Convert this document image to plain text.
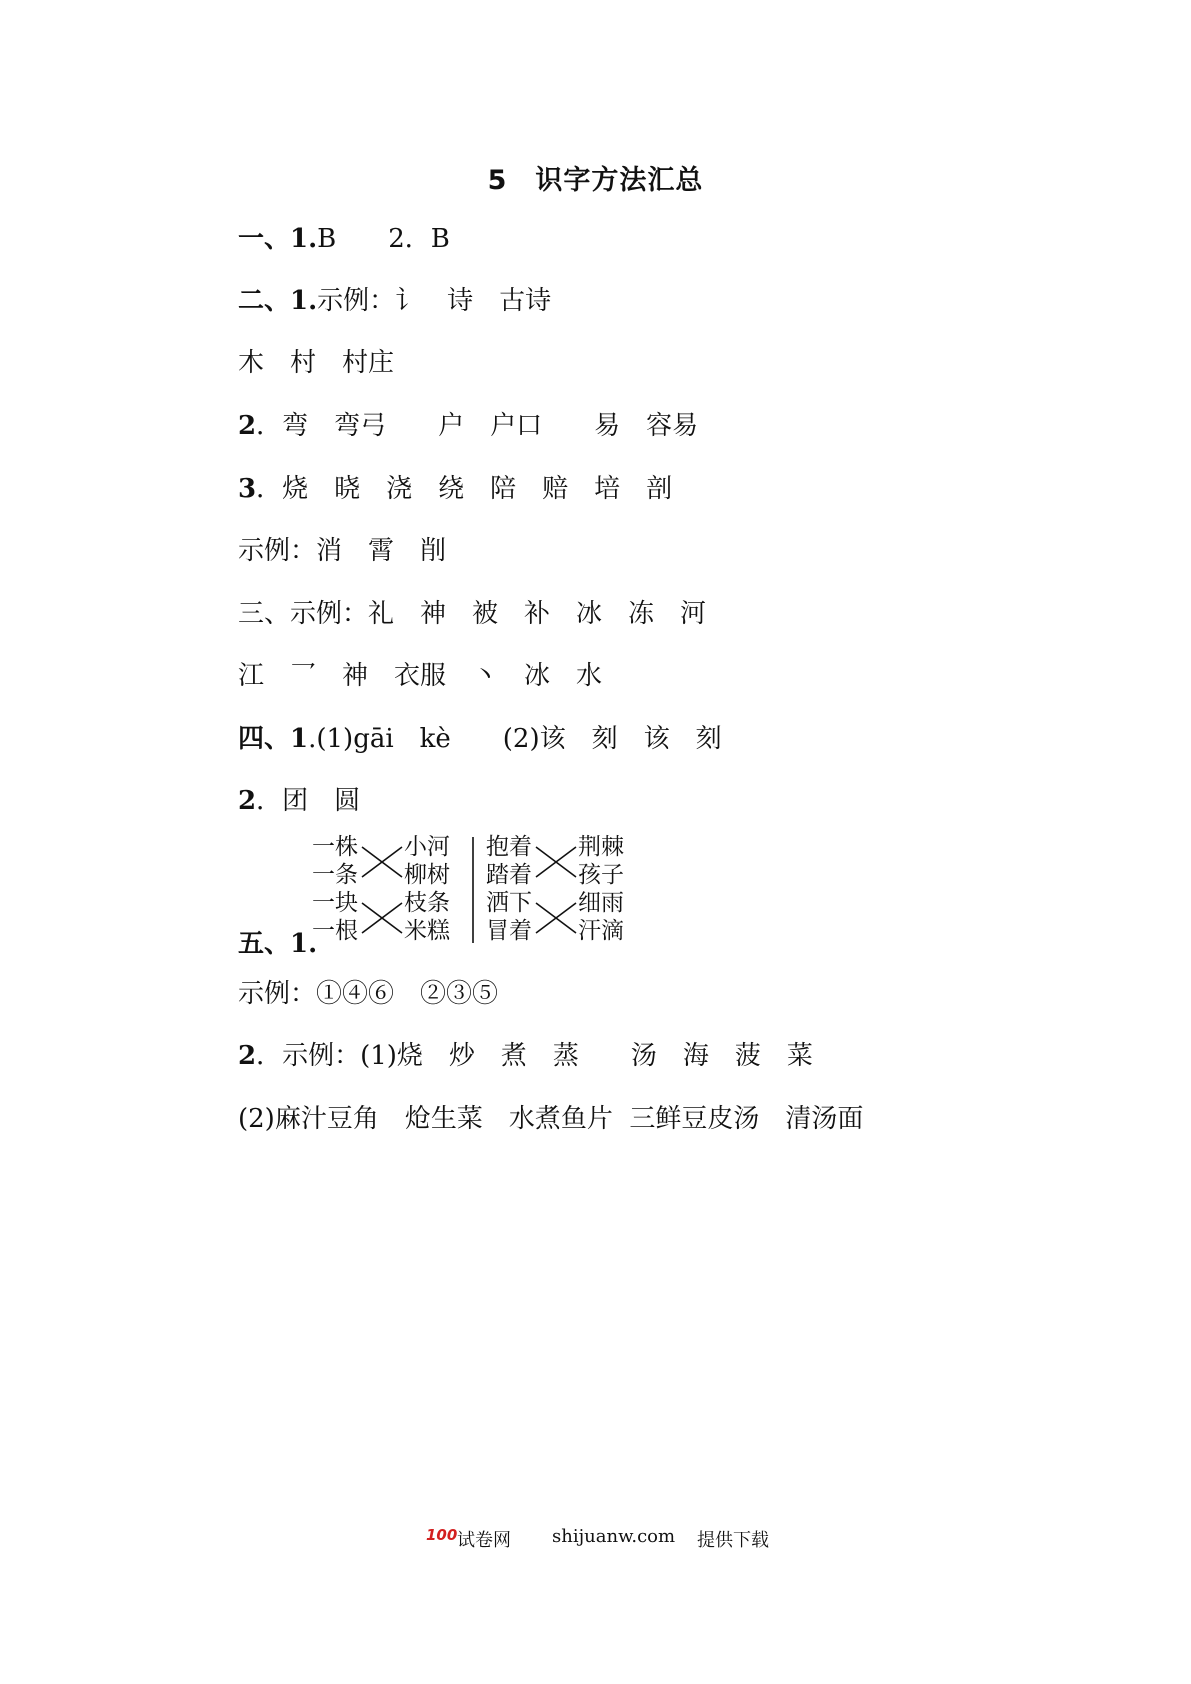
5　识字方法汇总
一、1.B　　2．B
二、1.示例：讠　诗　古诗
木　村　村庄
2．弯　弯弓　　户　户口　　易　容易
3．烧　晓　浇　绕　陪　赔　培　剖
示例：消　霄　削
三、示例：礼　神　被　补　冰　冻　河
江　⺂　神　衣服　丶　冰　水
四、1.(1)gāi　kè　　(2)该　刻　该　刻
2．团　圆
一株
一条
一块
一根
小河
柳树
枝条
米糕
抱着
踏着
洒下
冒着
荆棘
孩子
细雨
汗滴
五、1.
示例：①④⑥　②③⑤
2．示例：(1)烧　炒　煮　蒸　　汤　海　菠　菜
(2)麻汁豆角　炝生菜　水煮鱼片  三鲜豆皮汤　清汤面
100 试卷网 shijuanw.com 提供下载
